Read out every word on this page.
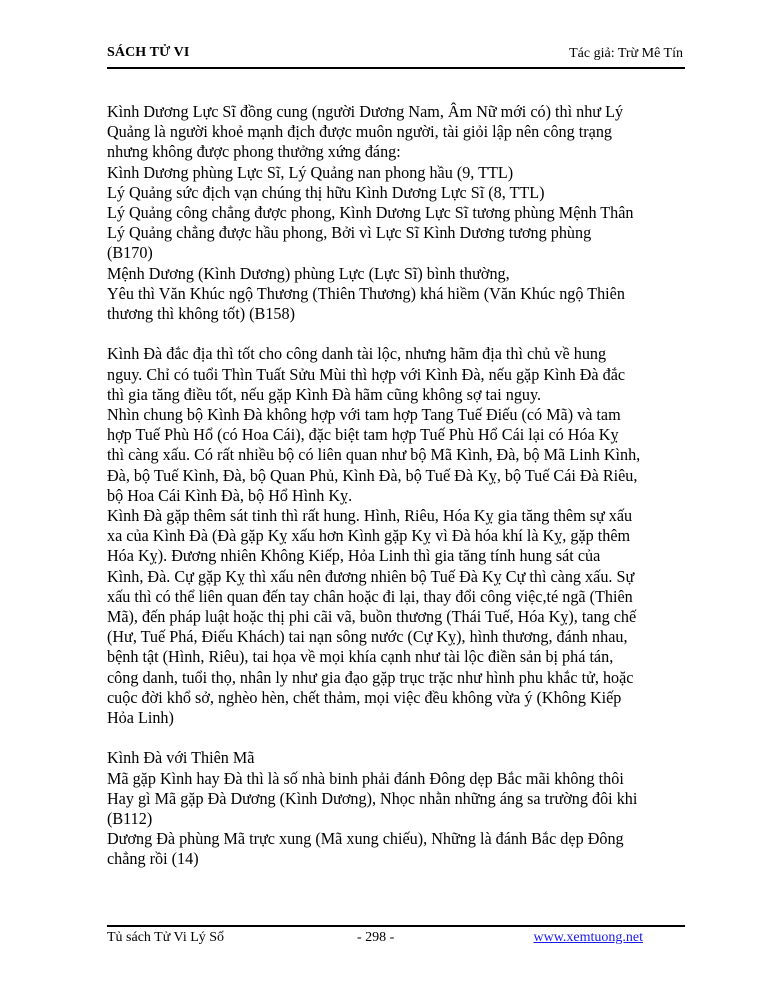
SÁCH TỬ VI	Tác giả: Trừ Mê Tín

Kình Dương Lực Sĩ đồng cung (người Dương Nam, Âm Nữ mới có) thì như Lý

Quảng là người khoẻ mạnh địch được muôn người, tài giỏi lập nên công trạng

nhưng không được phong thưởng xứng đáng:

Kình Dương phùng Lực Sĩ, Lý Quảng nan phong hầu (9, TTL)

Lý Quảng sức địch vạn chúng thị hữu Kình Dương Lực Sĩ (8, TTL)

Lý Quảng công chẳng được phong, Kình Dương Lực Sĩ tương phùng Mệnh Thân

Lý Quảng chẳng được hầu phong, Bởi vì Lực Sĩ Kình Dương tương phùng

(B170)

Mệnh Dương (Kình Dương) phùng Lực (Lực Sĩ) bình thường,

Yêu thì Văn Khúc ngộ Thương (Thiên Thương) khá hiềm (Văn Khúc ngộ Thiên

thương thì không tốt) (B158)

Kình Đà đắc địa thì tốt cho công danh tài lộc, nhưng hãm địa thì chủ về hung

nguy. Chỉ có tuổi Thìn Tuất Sửu Mùi thì hợp với Kình Đà, nếu gặp Kình Đà đắc

thì gia tăng điều tốt, nếu gặp Kình Đà hãm cũng không sợ tai nguy.

Nhìn chung bộ Kình Đà không hợp với tam hợp Tang Tuế Điếu (có Mã) và tam

hợp Tuế Phù Hổ (có Hoa Cái), đặc biệt tam hợp Tuế Phù Hổ Cái lại có Hóa Kỵ

thì càng xấu. Có rất nhiều bộ có liên quan như bộ Mã Kình, Đà, bộ Mã Linh Kình,

Đà, bộ Tuế Kình, Đà, bộ Quan Phủ, Kình Đà, bộ Tuế Đà Kỵ, bộ Tuế Cái Đà Riêu,

bộ Hoa Cái Kình Đà, bộ Hổ Hình Kỵ.

Kình Đà gặp thêm sát tinh thì rất hung. Hình, Riêu, Hóa Kỵ gia tăng thêm sự xấu

xa của Kình Đà (Đà gặp Kỵ xấu hơn Kình gặp Kỵ vì Đà hóa khí là Kỵ, gặp thêm

Hóa Kỵ). Đương nhiên Không Kiếp, Hỏa Linh thì gia tăng tính hung sát của

Kình, Đà. Cự gặp Kỵ thì xấu nên đương nhiên bộ Tuế Đà Kỵ Cự thì càng xấu. Sự

xấu thì có thể liên quan đến tay chân hoặc đi lại, thay đổi công việc,té ngã (Thiên

Mã), đến pháp luật hoặc thị phi cãi vã, buồn thương (Thái Tuế, Hóa Kỵ), tang chế

(Hư, Tuế Phá, Điếu Khách) tai nạn sông nước (Cự Kỵ), hình thương, đánh nhau,

bệnh tật (Hình, Riêu), tai họa về mọi khía cạnh như tài lộc điền sản bị phá tán,

công danh, tuổi thọ, nhân ly như gia đạo gặp trục trặc như hình phu khắc tử, hoặc

cuộc đời khổ sở, nghèo hèn, chết thảm, mọi việc đều không vừa ý (Không Kiếp

Hỏa Linh)

Kình Đà với Thiên Mã

Mã gặp Kình hay Đà thì là số nhà binh phải đánh Đông dẹp Bắc mãi không thôi

Hay gì Mã gặp Đà Dương (Kình Dương), Nhọc nhằn những áng sa trường đôi khi

(B112)

Dương Đà phùng Mã trực xung (Mã xung chiếu), Những là đánh Bắc dẹp Đông

chẳng rồi (14)

Tủ sách Tử Vi Lý Số	- 298 -	www.xemtuong.net
